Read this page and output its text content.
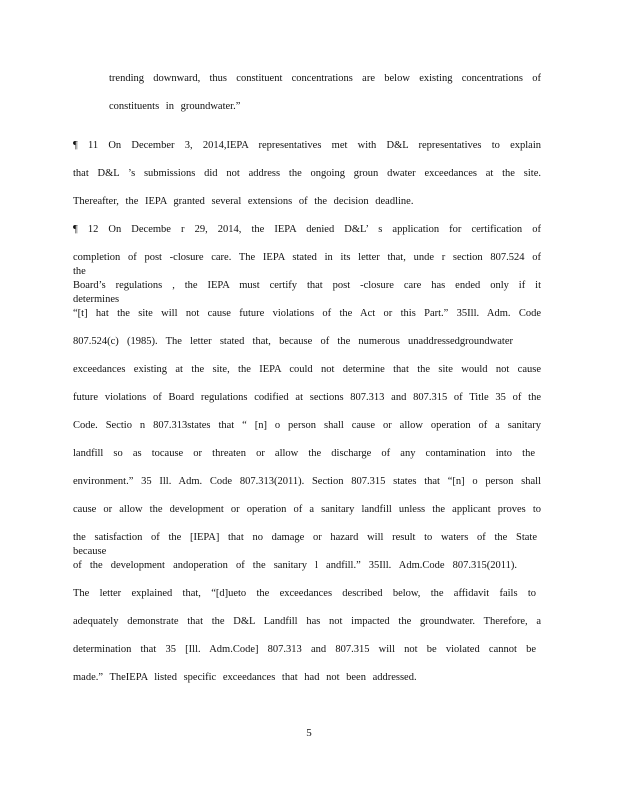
trending downward, thus constituent concentrations are below existing concentrations of
constituents in groundwater.”
¶ 11 On December 3, 2014,IEPA representatives met with D&L representatives to explain
that D&L ’s submissions did not address the ongoing groun dwater exceedances at the site.
Thereafter, the IEPA granted several extensions of the decision deadline.
¶ 12 On Decembe r 29, 2014, the IEPA denied D&L’ s application for certification of
completion of post -closure care. The IEPA stated in its letter that, unde r section 807.524 of the
Board’s regulations , the IEPA must certify that post -closure care has ended only if it determines
“[t] hat the site will not cause future violations of the Act or this Part.” 35Ill. Adm. Code
807.524(c) (1985). The letter stated that, because of the numerous unaddressedgroundwater
exceedances existing at the site, the IEPA could not determine that the site would not cause
future violations of Board regulations codified at sections 807.313 and 807.315 of Title 35 of the
Code. Sectio n 807.313states that “ [n] o person shall cause or allow operation of a sanitary
landfill so as tocause or threaten or allow the discharge of any contamination into the
environment.” 35 Ill. Adm. Code 807.313(2011). Section 807.315 states that “[n] o person shall
cause or allow the development or operation of a sanitary landfill unless the applicant proves to
the satisfaction of the [IEPA] that no damage or hazard will result to waters of the State because
of the development andoperation of the sanitary l andfill.” 35Ill. Adm.Code 807.315(2011).
The letter explained that, “[d]ueto the exceedances described below, the affidavit fails to
adequately demonstrate that the D&L Landfill has not impacted the groundwater. Therefore, a
determination that 35 [Ill. Adm.Code] 807.313 and 807.315 will not be violated cannot be
made.” TheIEPA listed specific exceedances that had not been addressed.
5
